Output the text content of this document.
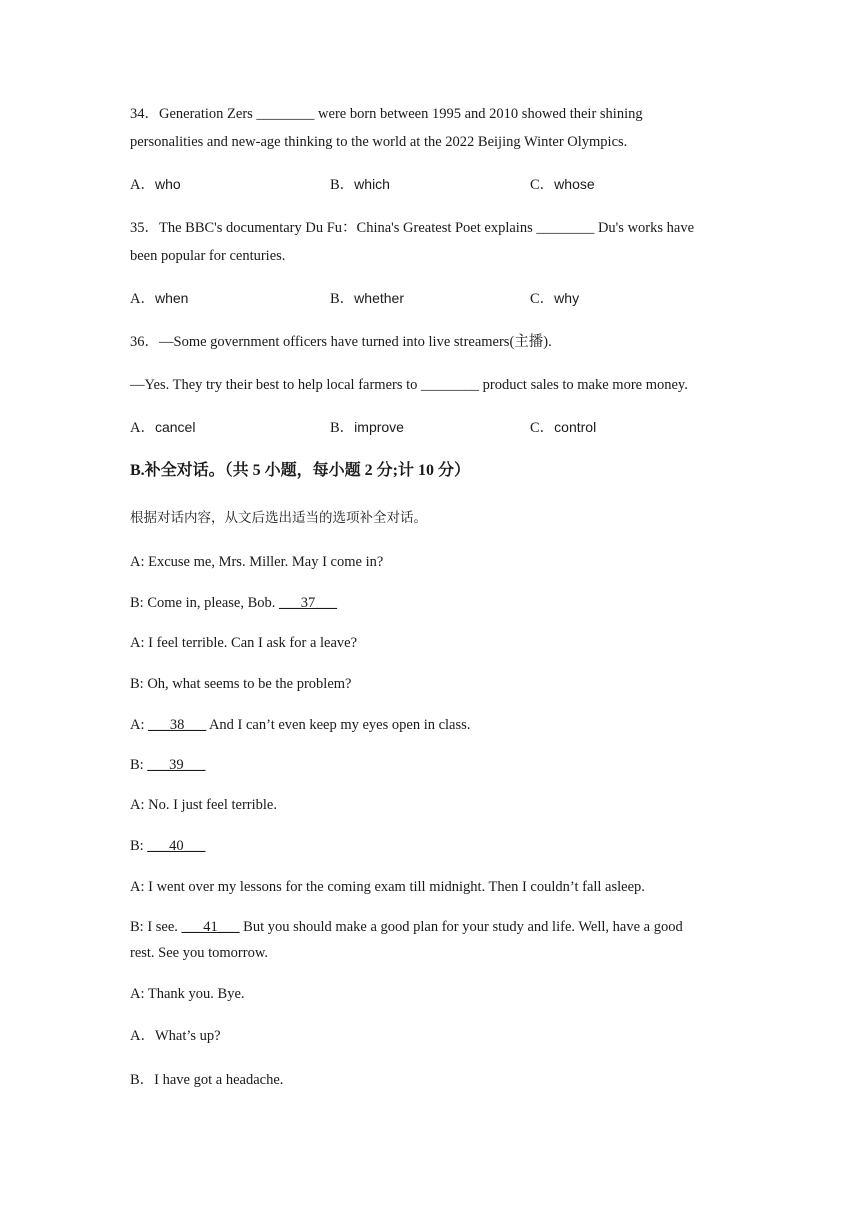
34．Generation Zers ________ were born between 1995 and 2010 showed their shining
personalities and new-age thinking to the world at the 2022 Beijing Winter Olympics.
A．who	B．which	C．whose
35．The BBC's documentary Du Fu：China's Greatest Poet explains ________ Du's works have
been popular for centuries.
A．when	B．whether	C．why
36．—Some government officers have turned into live streamers(主播).
—Yes. They try their best to help local farmers to ________ product sales to make more money.
A．cancel	B．improve	C．control
B.补全对话。（共 5 小题，每小题 2 分;计 10 分）
根据对话内容，从文后选出适当的选项补全对话。
A: Excuse me, Mrs. Miller. May I come in?
B: Come in, please, Bob. ___37___
A: I feel terrible. Can I ask for a leave?
B: Oh, what seems to be the problem?
A: ___38___ And I can’t even keep my eyes open in class.
B: ___39___
A: No. I just feel terrible.
B: ___40___
A: I went over my lessons for the coming exam till midnight. Then I couldn’t fall asleep.
B: I see. ___41___ But you should make a good plan for your study and life. Well, have a good
rest. See you tomorrow.
A: Thank you. Bye.
A．What’s up?
B．I have got a headache.
